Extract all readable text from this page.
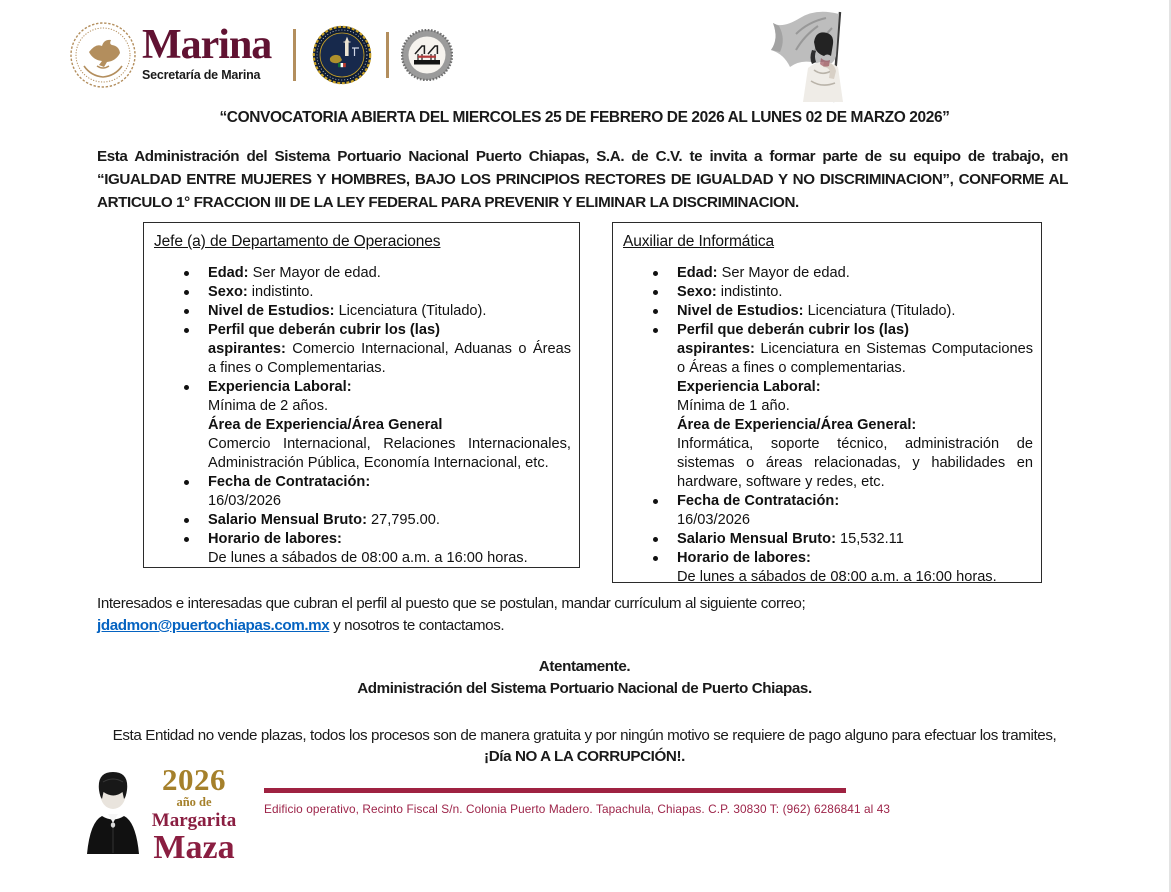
Marina
Secretaría de Marina
“CONVOCATORIA ABIERTA DEL MIERCOLES 25 DE FEBRERO DE 2026 AL LUNES 02 DE MARZO 2026”
Esta Administración del Sistema Portuario Nacional Puerto Chiapas, S.A. de C.V. te invita a formar parte de su equipo de trabajo, en “IGUALDAD ENTRE MUJERES Y HOMBRES, BAJO LOS PRINCIPIOS RECTORES DE IGUALDAD Y NO DISCRIMINACION”, CONFORME AL ARTICULO 1° FRACCION III DE LA LEY FEDERAL PARA PREVENIR Y ELIMINAR LA DISCRIMINACION.
Jefe (a) de Departamento de Operaciones
Edad: Ser Mayor de edad.
Sexo: indistinto.
Nivel de Estudios: Licenciatura (Titulado).
Perfil que deberán cubrir los (las)
aspirantes: Comercio Internacional, Aduanas o Áreas a fines o Complementarias.
Experiencia Laboral:
Mínima de 2 años.
Área de Experiencia/Área General
Comercio Internacional, Relaciones Internacionales, Administración Pública, Economía Internacional, etc.
Fecha de Contratación:
16/03/2026
Salario Mensual Bruto: 27,795.00.
Horario de labores:
De lunes a sábados de 08:00 a.m. a 16:00 horas.
Auxiliar de Informática
Edad: Ser Mayor de edad.
Sexo: indistinto.
Nivel de Estudios: Licenciatura (Titulado).
Perfil que deberán cubrir los (las)
aspirantes: Licenciatura en Sistemas Computaciones o Áreas a fines o complementarias.
Experiencia Laboral:
Mínima de 1 año.
Área de Experiencia/Área General:
Informática, soporte técnico, administración de sistemas o áreas relacionadas, y habilidades en hardware, software y redes, etc.
Fecha de Contratación:
16/03/2026
Salario Mensual Bruto: 15,532.11
Horario de labores:
De lunes a sábados de 08:00 a.m. a 16:00 horas.
Interesados e interesadas que cubran el perfil al puesto que se postulan, mandar currículum al siguiente correo;
jdadmon@puertochiapas.com.mx y nosotros te contactamos.
Atentamente.
Administración del Sistema Portuario Nacional de Puerto Chiapas.
Esta Entidad no vende plazas, todos los procesos son de manera gratuita y por ningún motivo se requiere de pago alguno para efectuar los tramites,
¡Día NO A LA CORRUPCIÓN!.
2026
año de
Margarita
Maza
Edificio operativo, Recinto Fiscal S/n. Colonia Puerto Madero. Tapachula, Chiapas. C.P. 30830 T: (962) 6286841 al 43
